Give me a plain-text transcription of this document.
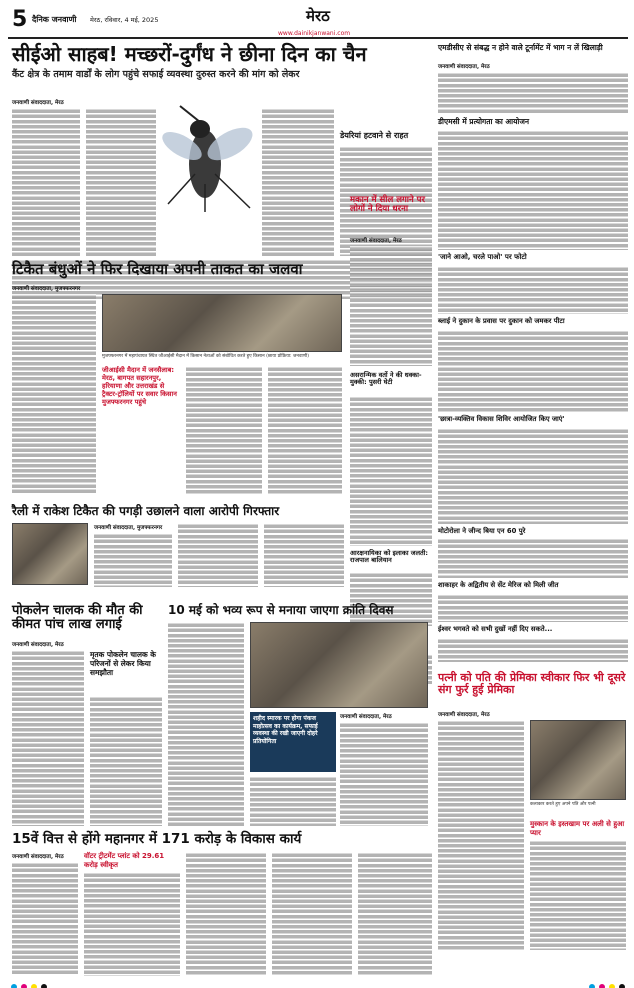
5 दैनिक जनवाणी मेरठ, रविवार, 4 मई, 2025	मेरठ
www.dainikjanwani.com
सीईओ साहब! मच्छरों-दुर्गंध ने छीना दिन का चैन
कैंट क्षेत्र के तमाम वार्डों के लोग पहुंचे सफाई व्यवस्था दुरुस्त करने की मांग को लेकर
जनवाणी संवाददाता, मेरठ
डेयरियां हटवाने से राहत
एमडीसीए से संबद्ध न होने वाले टूर्नामेंट में भाग न लें खिलाड़ी
जनवाणी संवाददाता, मेरठ
डीएमसी में प्रत्योगता का आयोजन
'जाने आओ, चरले पाओ' पर फोटो
ब्लाई ने दुकान के प्रवास पर दुकान को जमकर पीटा
'छात्रा-व्यक्तिव विकास शिविर आयोजित किए जाएं'
मोटोरोला ने जीन्द बिया एन 60 पुरे
शाकाहर के अद्वितीय से सेंट मेरिज को मिली जीत
ईश्वर भगवते को सभी दुखों नहीं दिए सकते...
मकान में सील लगाने पर लोगों ने दिया धरना
जनवाणी संवाददाता, मेरठ
असरान्मिक वतों ने की धक्का-मुक्की: पुसरी घेटी
आरक्षनायिका को इलाका जलती: राजपाल बालियान
टिकैत बंधुओं ने फिर दिखाया अपनी ताकत का जलवा
जनवाणी संवाददाता, मुजफ्फरनगर
मुजफ्फरनगर में महापंचायत स्थित जीआईसी मैदान में किसान नेताओं को संबोधित करते हुए किसान (छाया प्रोफ्रिया: जनवाणी)
जीआईसी मैदान में जनसैलाब: मेरठ, बागपत सहारनपुर, हरियाणा और उत्तराखंड से ट्रैक्टर-ट्रॉलियों पर सवार किसान मुजफ्फरनगर पहुंचे
रैली में राकेश टिकैत की पगड़ी उछालने वाला आरोपी गिरफ्तार
जनवाणी संवाददाता, मुजफ्फरनगर
पोकलेन चालक की मौत की कीमत पांच लाख लगाई
जनवाणी संवाददाता, मेरठ
मृतक पोकलेन चालक के परिजनों से लेकर किया समझौता
10 मई को भव्य रूप से मनाया जाएगा क्रांति दिवस
शहीद स्मारक पर होगा पंकज माहोत्सव का कार्यक्रम, सफाई व्यवस्था की रखी जाएगी दोहरे प्रतियोगिता
जनवाणी संवाददाता, मेरठ
पत्नी को पति की प्रेमिका स्वीकार फिर भी दूसरे संग फुर्र हुई प्रेमिका
जनवाणी संवाददाता, मेरठ
कलाकार करते हुए अपने पति और पत्नी
मुस्कान के इस्तखाम पर अली से हुआ प्यार
15वें वित्त से होंगे महानगर में 171 करोड़ के विकास कार्य
जनवाणी संवाददाता, मेरठ	वॉटर ट्रीटमेंट प्लांट को 29.61 करोड़ स्वीकृत
